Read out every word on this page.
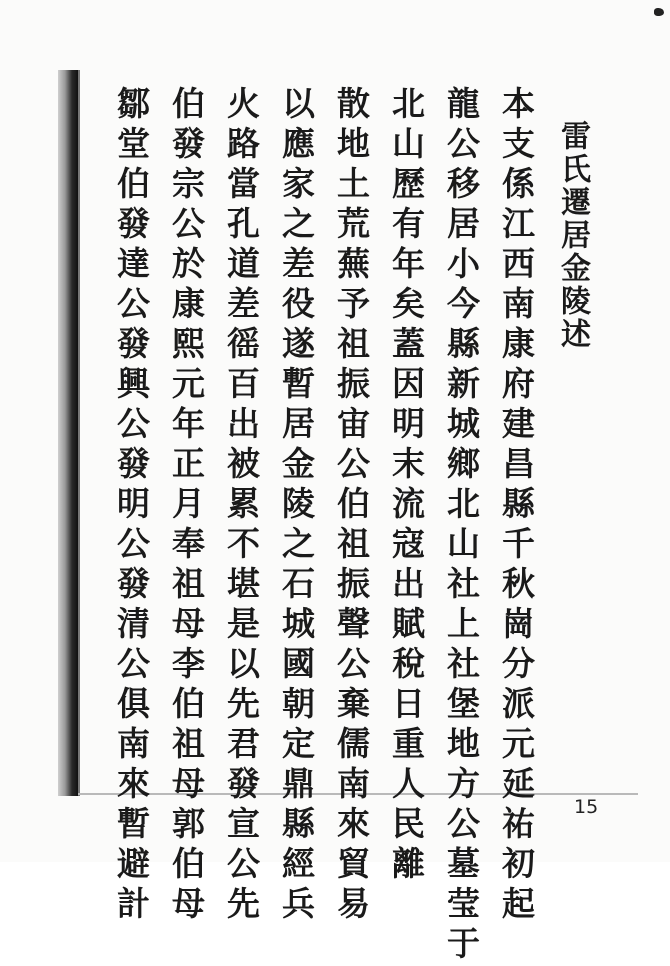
雷氏遷居金陵述
本支係江西南康府建昌縣千秋崗分派元延祐初起
龍公移居小今縣新城鄉北山社上社堡地方公墓莹于
北山歷有年矣蓋因明末流寇出賦稅日重人民離
散地土荒蕪予祖振宙公伯祖振聲公棄儒南來貿易
以應家之差役遂暫居金陵之石城國朝定鼎縣經兵
火路當孔道差徭百出被累不堪是以先君發宣公先
伯發宗公於康熙元年正月奉祖母李伯祖母郭伯母
鄒堂伯發達公發興公發明公發清公俱南來暫避計	15
